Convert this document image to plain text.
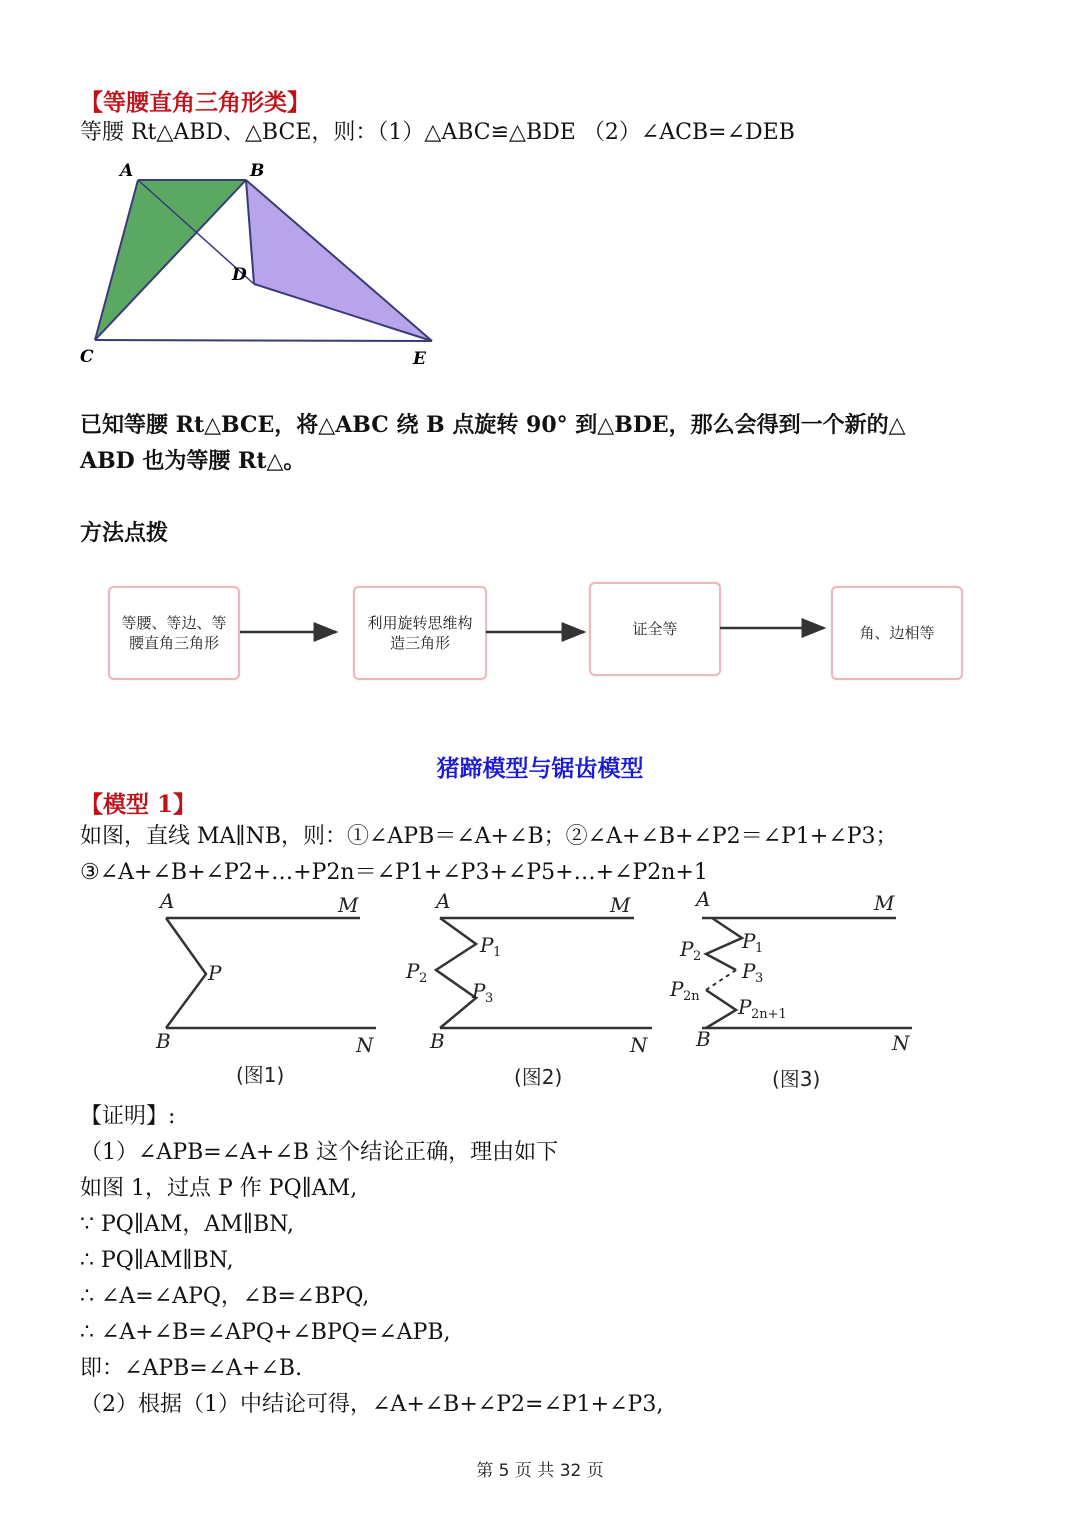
【等腰直角三角形类】
等腰 Rt△ABD、△BCE，则：（1）△ABC≌△BDE （2）∠ACB=∠DEB
A	B
D
C	E
已知等腰 Rt△BCE，将△ABC 绕 B 点旋转 90° 到△BDE，那么会得到一个新的△
ABD 也为等腰 Rt△。
方法点拨
等腰、等边、等腰直角三角形
利用旋转思维构造三角形
证全等	角、边相等
猪蹄模型与锯齿模型
【模型 1】
如图，直线 MA∥NB，则：①∠APB＝∠A+∠B；②∠A+∠B+∠P2＝∠P1+∠P3；
③∠A+∠B+∠P2+…+P2n＝∠P1+∠P3+∠P5+…+∠P2n+1
A	M
P
B	N
(图1)
A	M
P 1
P 2
P 3
B	N
(图2)
A	M
P 1
P 2
P 3
P 2n P 2n+1
B	N
(图3)
【证明】:
（1）∠APB=∠A+∠B 这个结论正确，理由如下
如图 1，过点 P 作 PQ∥AM,
∵ PQ∥AM，AM∥BN,
∴ PQ∥AM∥BN,
∴ ∠A=∠APQ，∠B=∠BPQ,
∴ ∠A+∠B=∠APQ+∠BPQ=∠APB,
即：∠APB=∠A+∠B.
（2）根据（1）中结论可得，∠A+∠B+∠P2=∠P1+∠P3,
第 5 页 共 32 页
